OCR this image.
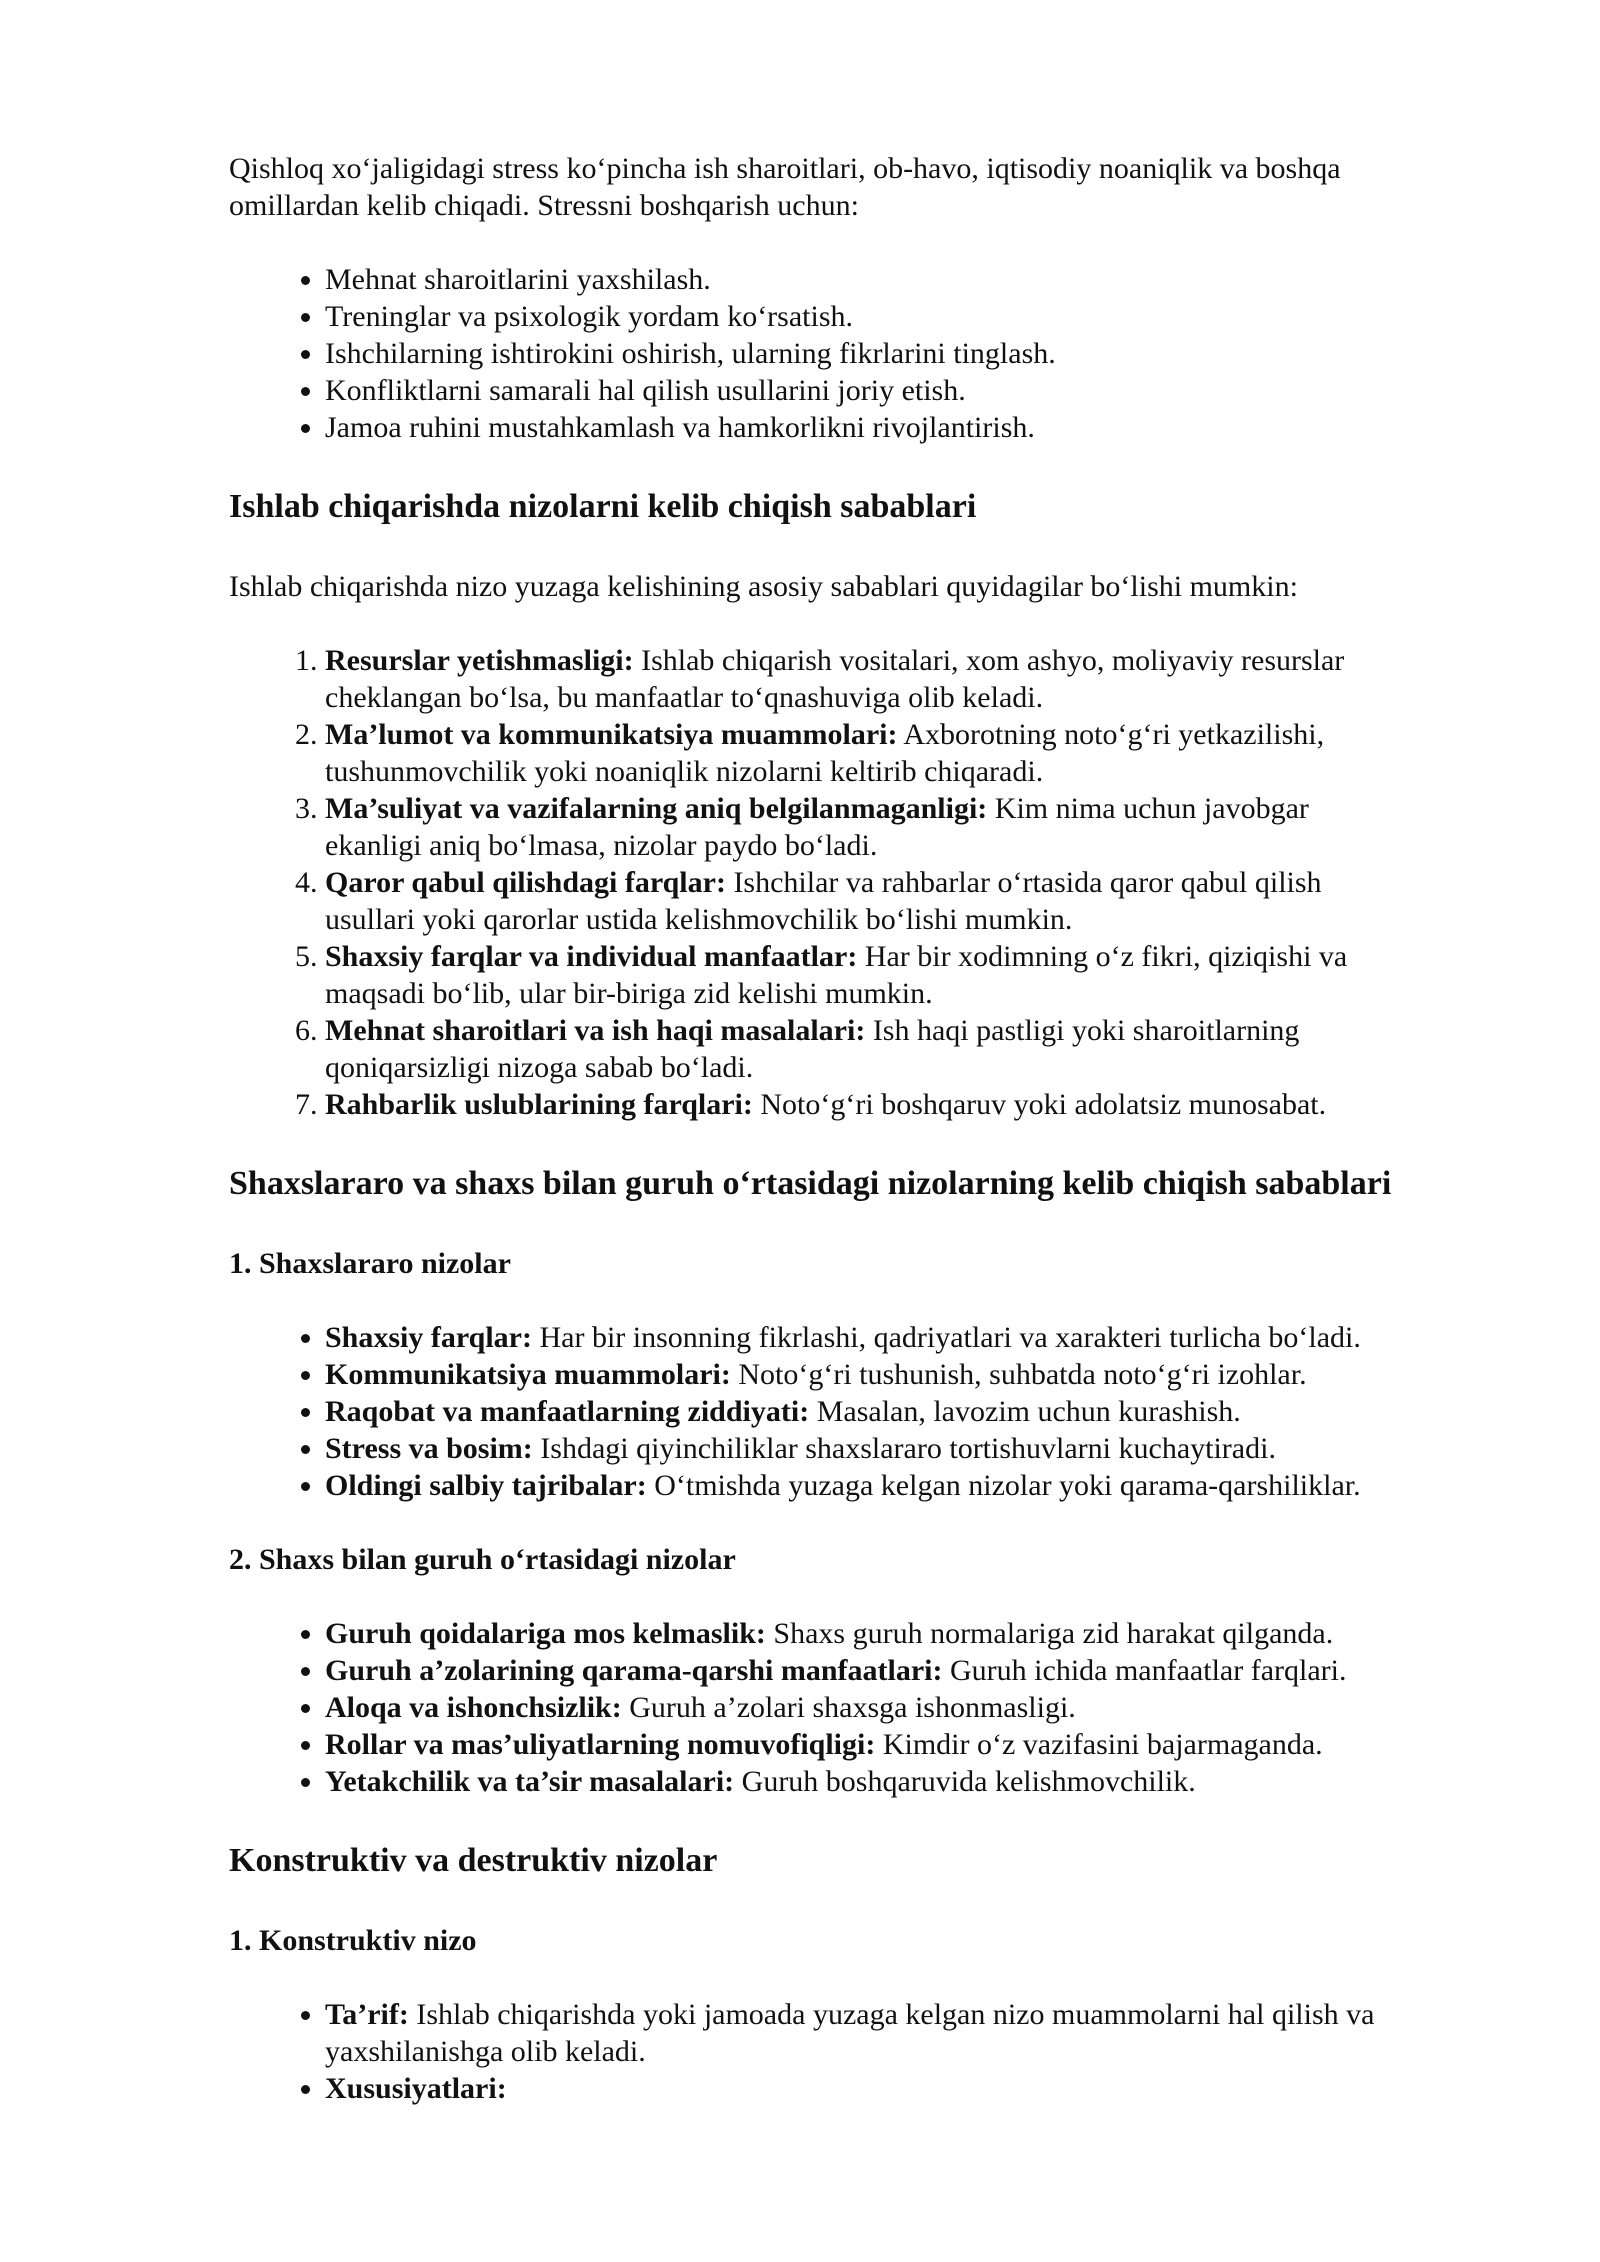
Qishloq xo‘jaligidagi stress ko‘pincha ish sharoitlari, ob-havo, iqtisodiy noaniqlik va boshqa
omillardan kelib chiqadi. Stressni boshqarish uchun:

• Mehnat sharoitlarini yaxshilash.
• Treninglar va psixologik yordam ko‘rsatish.
• Ishchilarning ishtirokini oshirish, ularning fikrlarini tinglash.
• Konfliktlarni samarali hal qilish usullarini joriy etish.
• Jamoa ruhini mustahkamlash va hamkorlikni rivojlantirish.
Ishlab chiqarishda nizolarni kelib chiqish sabablari

Ishlab chiqarishda nizo yuzaga kelishining asosiy sabablari quyidagilar bo‘lishi mumkin:

1. Resurslar yetishmasligi: Ishlab chiqarish vositalari, xom ashyo, moliyaviy resurslar
cheklangan bo‘lsa, bu manfaatlar to‘qnashuviga olib keladi.
2. Ma’lumot va kommunikatsiya muammolari: Axborotning noto‘g‘ri yetkazilishi,
tushunmovchilik yoki noaniqlik nizolarni keltirib chiqaradi.
3. Ma’suliyat va vazifalarning aniq belgilanmaganligi: Kim nima uchun javobgar
ekanligi aniq bo‘lmasa, nizolar paydo bo‘ladi.
4. Qaror qabul qilishdagi farqlar: Ishchilar va rahbarlar o‘rtasida qaror qabul qilish
usullari yoki qarorlar ustida kelishmovchilik bo‘lishi mumkin.
5. Shaxsiy farqlar va individual manfaatlar: Har bir xodimning o‘z fikri, qiziqishi va
maqsadi bo‘lib, ular bir-biriga zid kelishi mumkin.
6. Mehnat sharoitlari va ish haqi masalalari: Ish haqi pastligi yoki sharoitlarning
qoniqarsizligi nizoga sabab bo‘ladi.
7. Rahbarlik uslublarining farqlari: Noto‘g‘ri boshqaruv yoki adolatsiz munosabat.
Shaxslararo va shaxs bilan guruh o‘rtasidagi nizolarning kelib chiqish sabablari
1. Shaxslararo nizolar
• Shaxsiy farqlar: Har bir insonning fikrlashi, qadriyatlari va xarakteri turlicha bo‘ladi.
• Kommunikatsiya muammolari: Noto‘g‘ri tushunish, suhbatda noto‘g‘ri izohlar.
• Raqobat va manfaatlarning ziddiyati: Masalan, lavozim uchun kurashish.
• Stress va bosim: Ishdagi qiyinchiliklar shaxslararo tortishuvlarni kuchaytiradi.
• Oldingi salbiy tajribalar: O‘tmishda yuzaga kelgan nizolar yoki qarama-qarshiliklar.
2. Shaxs bilan guruh o‘rtasidagi nizolar
• Guruh qoidalariga mos kelmaslik: Shaxs guruh normalariga zid harakat qilganda.
• Guruh a’zolarining qarama-qarshi manfaatlari: Guruh ichida manfaatlar farqlari.
• Aloqa va ishonchsizlik: Guruh a’zolari shaxsga ishonmasligi.
• Rollar va mas’uliyatlarning nomuvofiqligi: Kimdir o‘z vazifasini bajarmaganda.
• Yetakchilik va ta’sir masalalari: Guruh boshqaruvida kelishmovchilik.
Konstruktiv va destruktiv nizolar
1. Konstruktiv nizo
• Ta’rif: Ishlab chiqarishda yoki jamoada yuzaga kelgan nizo muammolarni hal qilish va
yaxshilanishga olib keladi.
• Xususiyatlari:
